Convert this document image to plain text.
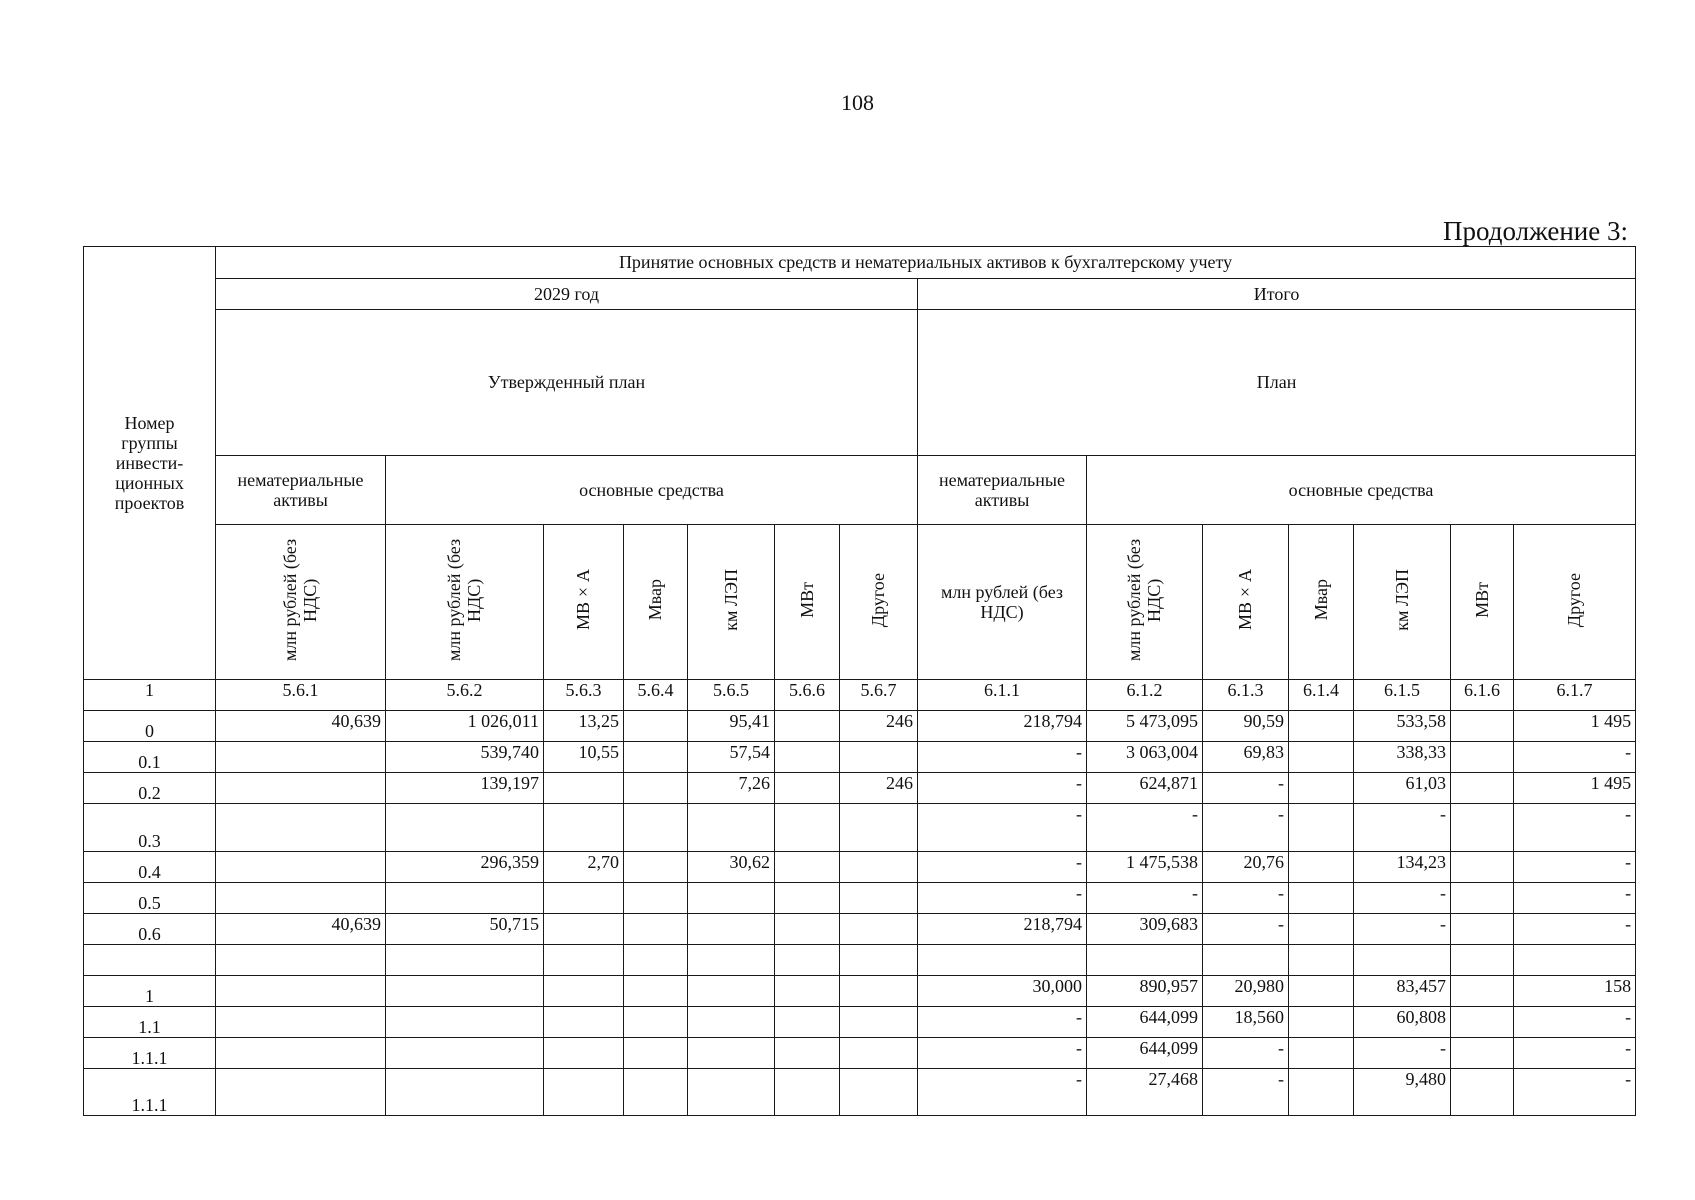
108
Продолжение 3:
Номер группы инвести- ционных проектов	Принятие основных средств и нематериальных активов к бухгалтерскому учету													
	2029 год							Итого						
	Утвержденный план							План						
	нематериальные активы	основные средства						нематериальные активы	основные средства					
	млн рублей (без НДС)	млн рублей (без НДС)	МВ×А	Мвар	км ЛЭП	МВт	Другое	млн рублей (без НДС)	млн рублей (без НДС)	МВ×А	Мвар	км ЛЭП	МВт	Другое
1	5.6.1	5.6.2	5.6.3	5.6.4	5.6.5	5.6.6	5.6.7	6.1.1	6.1.2	6.1.3	6.1.4	6.1.5	6.1.6	6.1.7
0	40,639	1 026,011	13,25		95,41		246	218,794	5 473,095	90,59		533,58		1 495
0.1		539,740	10,55		57,54			-	3 063,004	69,83		338,33		-
0.2		139,197			7,26		246	-	624,871	-		61,03		1 495
0.3								-	-	-		-		-
0.4		296,359	2,70		30,62			-	1 475,538	20,76		134,23		-
0.5								-	-	-		-		-
0.6	40,639	50,715						218,794	309,683	-		-		-

1								30,000	890,957	20,980		83,457		158
1.1								-	644,099	18,560		60,808		-
1.1.1								-	644,099	-		-		-
1.1.1								-	27,468	-		9,480		-
